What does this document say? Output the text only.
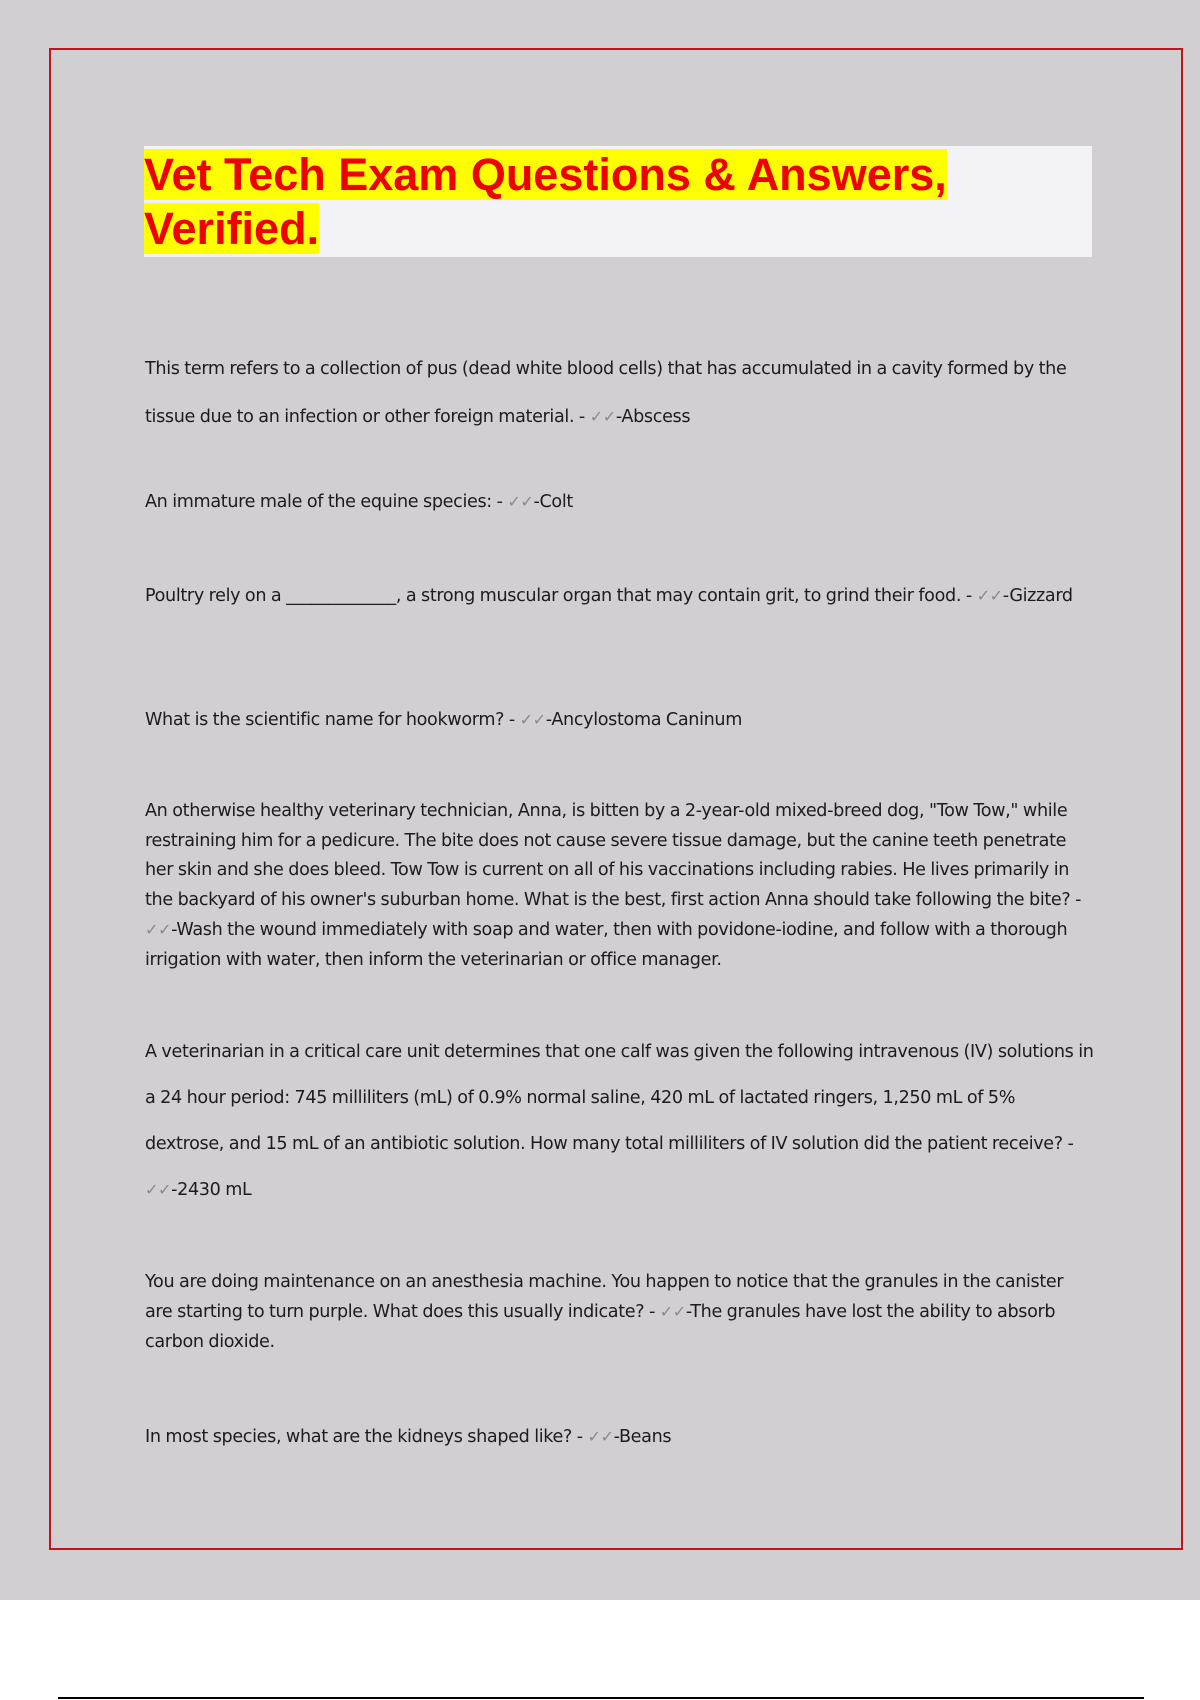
Vet Tech Exam Questions & Answers, Verified.

This term refers to a collection of pus (dead white blood cells) that has accumulated in a cavity formed by the tissue due to an infection or other foreign material. - ✓✓-Abscess

An immature male of the equine species: - ✓✓-Colt

Poultry rely on a _____________, a strong muscular organ that may contain grit, to grind their food. - ✓✓-Gizzard

What is the scientific name for hookworm? - ✓✓-Ancylostoma Caninum

An otherwise healthy veterinary technician, Anna, is bitten by a 2-year-old mixed-breed dog, "Tow Tow," while restraining him for a pedicure. The bite does not cause severe tissue damage, but the canine teeth penetrate her skin and she does bleed. Tow Tow is current on all of his vaccinations including rabies. He lives primarily in the backyard of his owner's suburban home. What is the best, first action Anna should take following the bite? - ✓✓-Wash the wound immediately with soap and water, then with povidone-iodine, and follow with a thorough irrigation with water, then inform the veterinarian or office manager.

A veterinarian in a critical care unit determines that one calf was given the following intravenous (IV) solutions in a 24 hour period: 745 milliliters (mL) of 0.9% normal saline, 420 mL of lactated ringers, 1,250 mL of 5% dextrose, and 15 mL of an antibiotic solution. How many total milliliters of IV solution did the patient receive? - ✓✓-2430 mL

You are doing maintenance on an anesthesia machine. You happen to notice that the granules in the canister are starting to turn purple. What does this usually indicate? - ✓✓-The granules have lost the ability to absorb carbon dioxide.

In most species, what are the kidneys shaped like? - ✓✓-Beans
